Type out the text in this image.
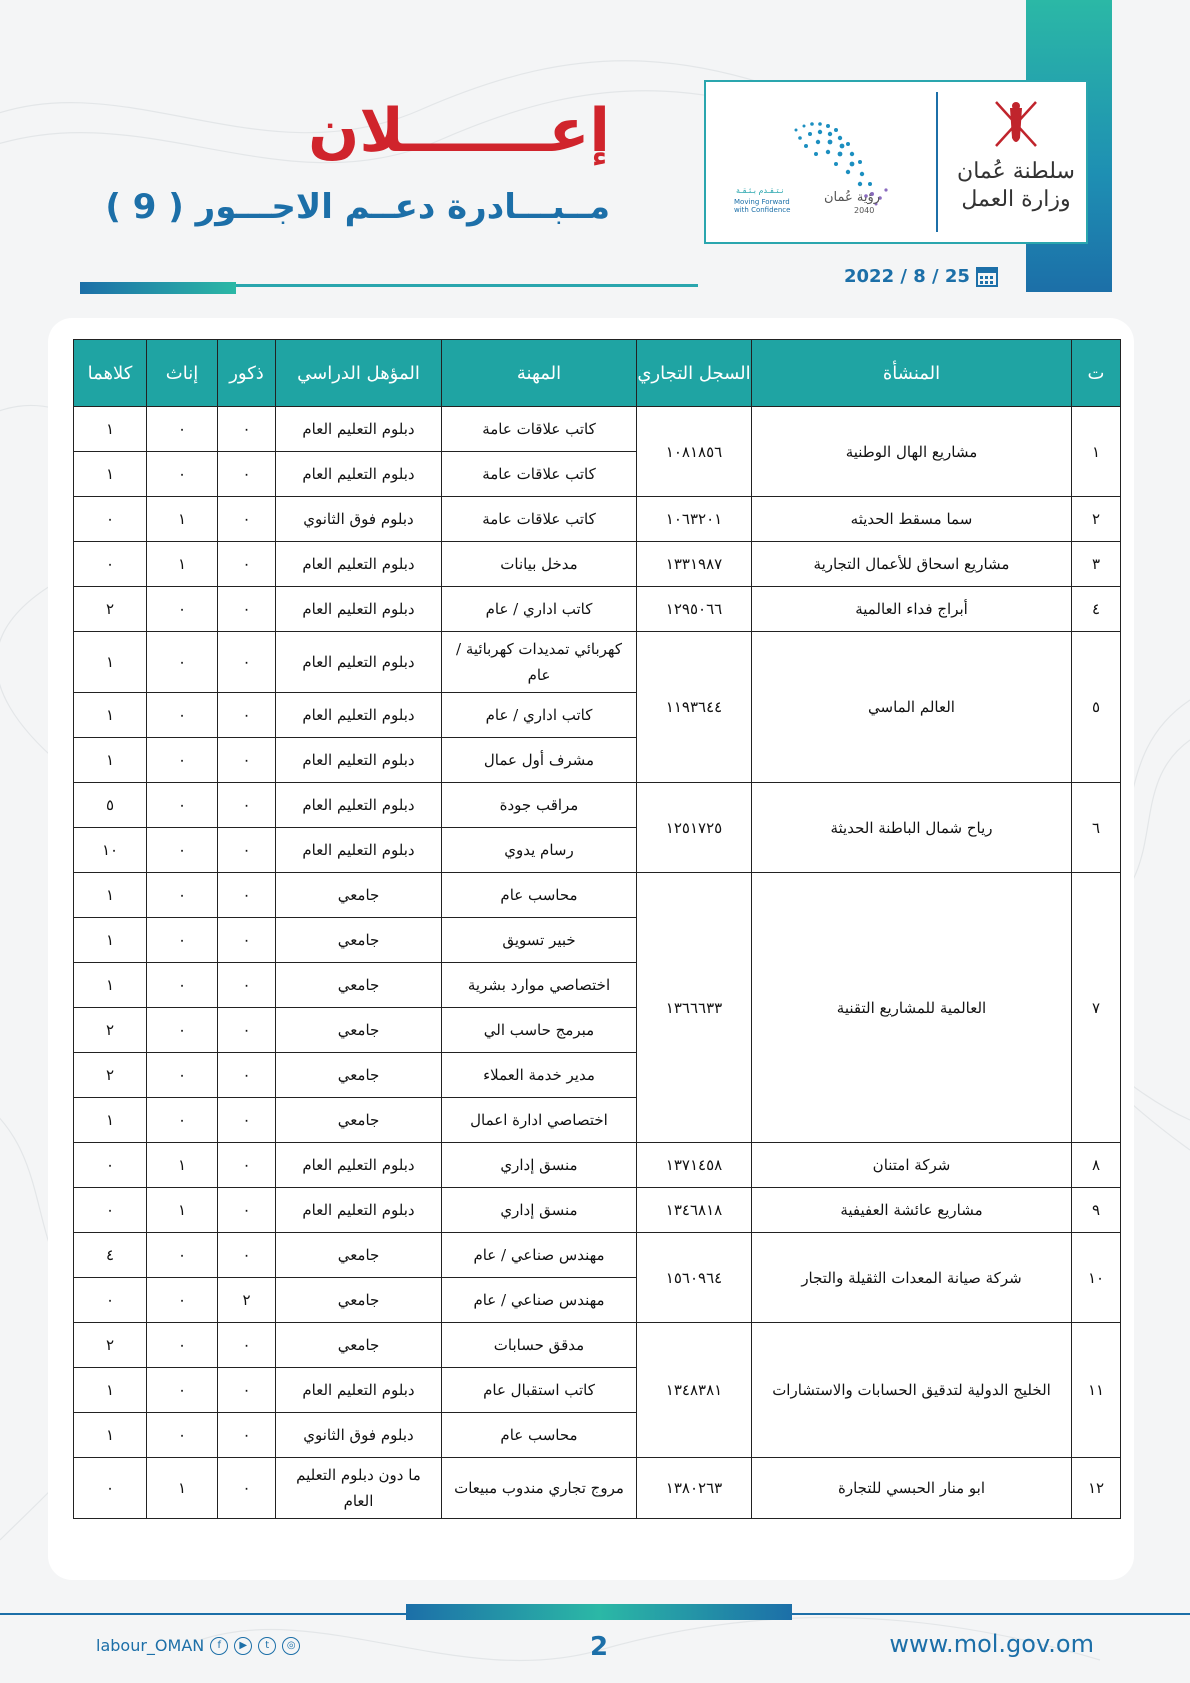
سلطنة عُمان
وزارة العمل
رؤية عُمان
2040
نـتـقـدم بـثـقـة
Moving Forward
with Confidence
2022 / 8 / 25
إعـــــــلان
مــبـــادرة دعــم الاجـــور ( 9 )
ت	المنشأة	السجل التجاري	المهنة	المؤهل الدراسي	ذكور	إناث	كلاهما
١	مشاريع الهال الوطنية	١٠٨١٨٥٦	كاتب علاقات عامة	دبلوم التعليم العام	٠	٠	١
			كاتب علاقات عامة	دبلوم التعليم العام	٠	٠	١
٢	سما مسقط الحديثه	١٠٦٣٢٠١	كاتب علاقات عامة	دبلوم فوق الثانوي	٠	١	٠
٣	مشاريع اسحاق للأعمال التجارية	١٣٣١٩٨٧	مدخل بيانات	دبلوم التعليم العام	٠	١	٠
٤	أبراج فداء العالمية	١٢٩٥٠٦٦	كاتب اداري / عام	دبلوم التعليم العام	٠	٠	٢
٥	العالم الماسي	١١٩٣٦٤٤	كهربائي تمديدات كهربائية / عام	دبلوم التعليم العام	٠	٠	١
			كاتب اداري / عام	دبلوم التعليم العام	٠	٠	١
			مشرف أول عمال	دبلوم التعليم العام	٠	٠	١
٦	رياح شمال الباطنة الحديثة	١٢٥١٧٢٥	مراقب جودة	دبلوم التعليم العام	٠	٠	٥
			رسام يدوي	دبلوم التعليم العام	٠	٠	١٠
٧	العالمية للمشاريع التقنية	١٣٦٦٦٣٣	محاسب عام	جامعي	٠	٠	١
			خبير تسويق	جامعي	٠	٠	١
			اختصاصي موارد بشرية	جامعي	٠	٠	١
			مبرمج حاسب الي	جامعي	٠	٠	٢
			مدير خدمة العملاء	جامعي	٠	٠	٢
			اختصاصي ادارة اعمال	جامعي	٠	٠	١
٨	شركة امتنان	١٣٧١٤٥٨	منسق إداري	دبلوم التعليم العام	٠	١	٠
٩	مشاريع عائشة العفيفية	١٣٤٦٨١٨	منسق إداري	دبلوم التعليم العام	٠	١	٠
١٠	شركة صيانة المعدات الثقيلة والتجار	١٥٦٠٩٦٤	مهندس صناعي / عام	جامعي	٠	٠	٤
			مهندس صناعي / عام	جامعي	٢	٠	٠
١١	الخليج الدولية لتدقيق الحسابات والاستشارات	١٣٤٨٣٨١	مدقق حسابات	جامعي	٠	٠	٢
			كاتب استقبال عام	دبلوم التعليم العام	٠	٠	١
			محاسب عام	دبلوم فوق الثانوي	٠	٠	١
١٢	ابو منار الحبسي للتجارة	١٣٨٠٢٦٣	مروج تجاري مندوب مبيعات	ما دون دبلوم التعليم العام	٠	١	٠
2	www.mol.gov.om
labour_OMAN	f	▶	t	◎
